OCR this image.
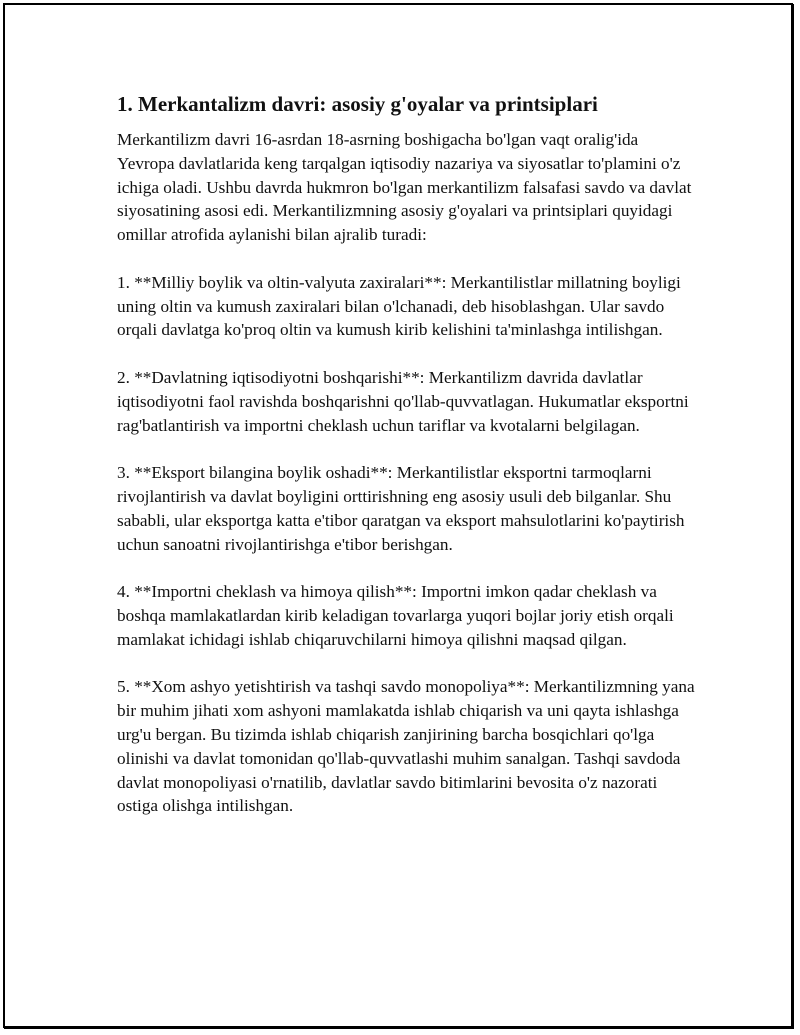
1. Merkantalizm davri: asosiy g'oyalar va printsiplari

Merkantilizm davri 16-asrdan 18-asrning boshigacha bo'lgan vaqt oralig'ida Yevropa davlatlarida keng tarqalgan iqtisodiy nazariya va siyosatlar to'plamini o'z ichiga oladi. Ushbu davrda hukmron bo'lgan merkantilizm falsafasi savdo va davlat siyosatining asosi edi. Merkantilizmning asosiy g'oyalari va printsiplari quyidagi omillar atrofida aylanishi bilan ajralib turadi:

1. **Milliy boylik va oltin-valyuta zaxiralari**: Merkantilistlar millatning boyligi uning oltin va kumush zaxiralari bilan o'lchanadi, deb hisoblashgan. Ular savdo orqali davlatga ko'proq oltin va kumush kirib kelishini ta'minlashga intilishgan.

2. **Davlatning iqtisodiyotni boshqarishi**: Merkantilizm davrida davlatlar iqtisodiyotni faol ravishda boshqarishni qo'llab-quvvatlagan. Hukumatlar eksportni rag'batlantirish va importni cheklash uchun tariflar va kvotalarni belgilagan.

3. **Eksport bilangina boylik oshadi**: Merkantilistlar eksportni tarmoqlarni rivojlantirish va davlat boyligini orttirishning eng asosiy usuli deb bilganlar. Shu sababli, ular eksportga katta e'tibor qaratgan va eksport mahsulotlarini ko'paytirish uchun sanoatni rivojlantirishga e'tibor berishgan.

4. **Importni cheklash va himoya qilish**: Importni imkon qadar cheklash va boshqa mamlakatlardan kirib keladigan tovarlarga yuqori bojlar joriy etish orqali mamlakat ichidagi ishlab chiqaruvchilarni himoya qilishni maqsad qilgan.

5. **Xom ashyo yetishtirish va tashqi savdo monopoliya**: Merkantilizmning yana bir muhim jihati xom ashyoni mamlakatda ishlab chiqarish va uni qayta ishlashga urg'u bergan. Bu tizimda ishlab chiqarish zanjirining barcha bosqichlari qo'lga olinishi va davlat tomonidan qo'llab-quvvatlashi muhim sanalgan. Tashqi savdoda davlat monopoliyasi o'rnatilib, davlatlar savdo bitimlarini bevosita o'z nazorati ostiga olishga intilishgan.
